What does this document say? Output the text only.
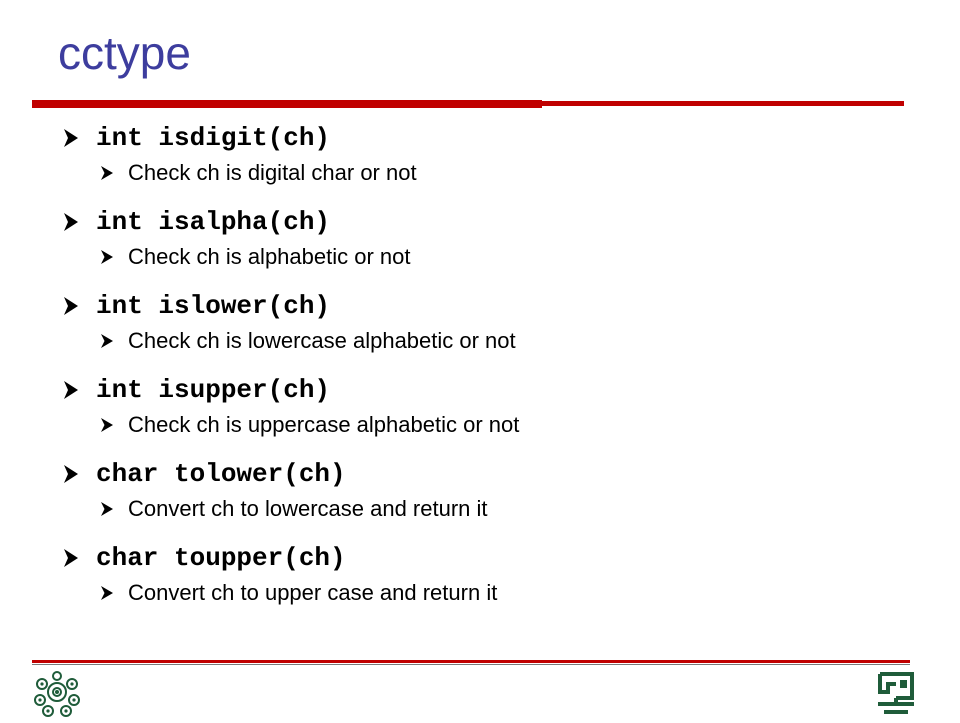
cctype
int isdigit(ch)
Check ch is digital char or not
int isalpha(ch)
Check ch is alphabetic or not
int islower(ch)
Check ch is lowercase alphabetic or not
int isupper(ch)
Check ch is uppercase alphabetic or not
char tolower(ch)
Convert ch to lowercase and return it
char toupper(ch)
Convert ch to upper case and return it
